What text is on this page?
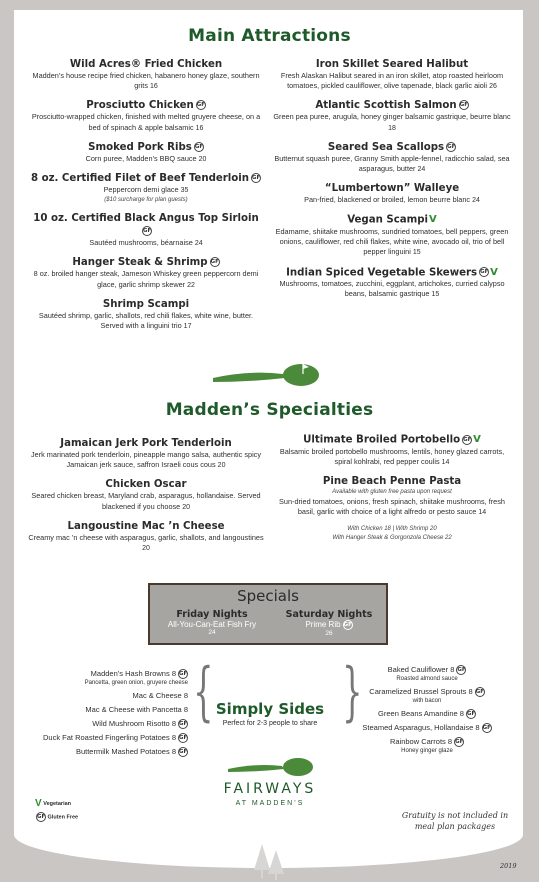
Main Attractions
Wild Acres® Fried Chicken
Madden’s house recipe fried chicken, habanero honey glaze, southern grits 16
Prosciutto Chicken GF
Prosciutto-wrapped chicken, finished with melted gruyere cheese, on a bed of spinach & apple balsamic 16
Smoked Pork Ribs GF
Corn puree, Madden’s BBQ sauce 20
8 oz. Certified Filet of Beef Tenderloin GF
Peppercorn demi glace 35
($10 surcharge for plan guests)
10 oz. Certified Black Angus Top SirloinGF
Sautéed mushrooms, béarnaise 24
Hanger Steak & Shrimp GF
8 oz. broiled hanger steak, Jameson Whiskey green peppercorn demi glace, garlic shrimp skewer 22
Shrimp Scampi
Sautéed shrimp, garlic, shallots, red chili flakes, white wine, butter. Served with a linguini trio 17
Iron Skillet Seared Halibut
Fresh Alaskan Halibut seared in an iron skillet, atop roasted heirloom tomatoes, pickled cauliflower, olive tapenade, black garlic aioli 26
Atlantic Scottish Salmon GF
Green pea puree, arugula, honey ginger balsamic gastrique, beurre blanc 18
Seared Sea Scallops GF
Butternut squash puree, Granny Smith apple-fennel, radicchio salad, sea asparagus, butter 24
“Lumbertown” Walleye
Pan-fried, blackened or broiled, lemon beurre blanc 24
Vegan ScampiV
Edamame, shiitake mushrooms, sundried tomatoes, bell peppers, green onions, cauliflower, red chili flakes, white wine, avocado oil, trio of bell pepper linguini 15
Indian Spiced Vegetable Skewers GF V
Mushrooms, tomatoes, zucchini, eggplant, artichokes, curried calypso beans, balsamic gastrique 15
Madden’s Specialties
Jamaican Jerk Pork Tenderloin
Jerk marinated pork tenderloin, pineapple mango salsa, authentic spicy Jamaican jerk sauce, saffron Israeli cous cous 20
Chicken Oscar
Seared chicken breast, Maryland crab, asparagus, hollandaise. Served blackened if you choose 20
Langoustine Mac ’n Cheese
Creamy mac ’n cheese with asparagus, garlic, shallots, and langoustines 20
Ultimate Broiled Portobello GF V
Balsamic broiled portobello mushrooms, lentils, honey glazed carrots, spiral kohlrabi, red pepper coulis 14
Pine Beach Penne Pasta
Available with gluten free pasta upon request
Sun-dried tomatoes, onions, fresh spinach, shiitake mushrooms, fresh basil, garlic with choice of a light alfredo or pesto sauce 14
With Chicken 18 | With Shrimp 20
With Hanger Steak & Gorgonzola Cheese 22
Specials
Friday Nights
All-You-Can-Eat Fish Fry
24
Saturday Nights
Prime Rib GF
26
{ }
Madden’s Hash Browns 8 GF
Pancetta, green onion, gruyere cheese
Mac & Cheese 8
Mac & Cheese with Pancetta 8
Wild Mushroom Risotto 8 GF
Duck Fat Roasted Fingerling Potatoes 8 GF
Buttermilk Mashed Potatoes 8 GF
Baked Cauliflower 8 GF
Roasted almond sauce
Caramelized Brussel Sprouts 8 GF
with bacon
Green Beans Amandine 8 GF
Steamed Asparagus, Hollandaise 8 GF
Rainbow Carrots 8 GF
Honey ginger glaze
Simply Sides
Perfect for 2-3 people to share
FAIRWAYS
AT MADDEN’S
V Vegetarian
GF Gluten Free	Gratuity is not included in meal plan packages
2019
